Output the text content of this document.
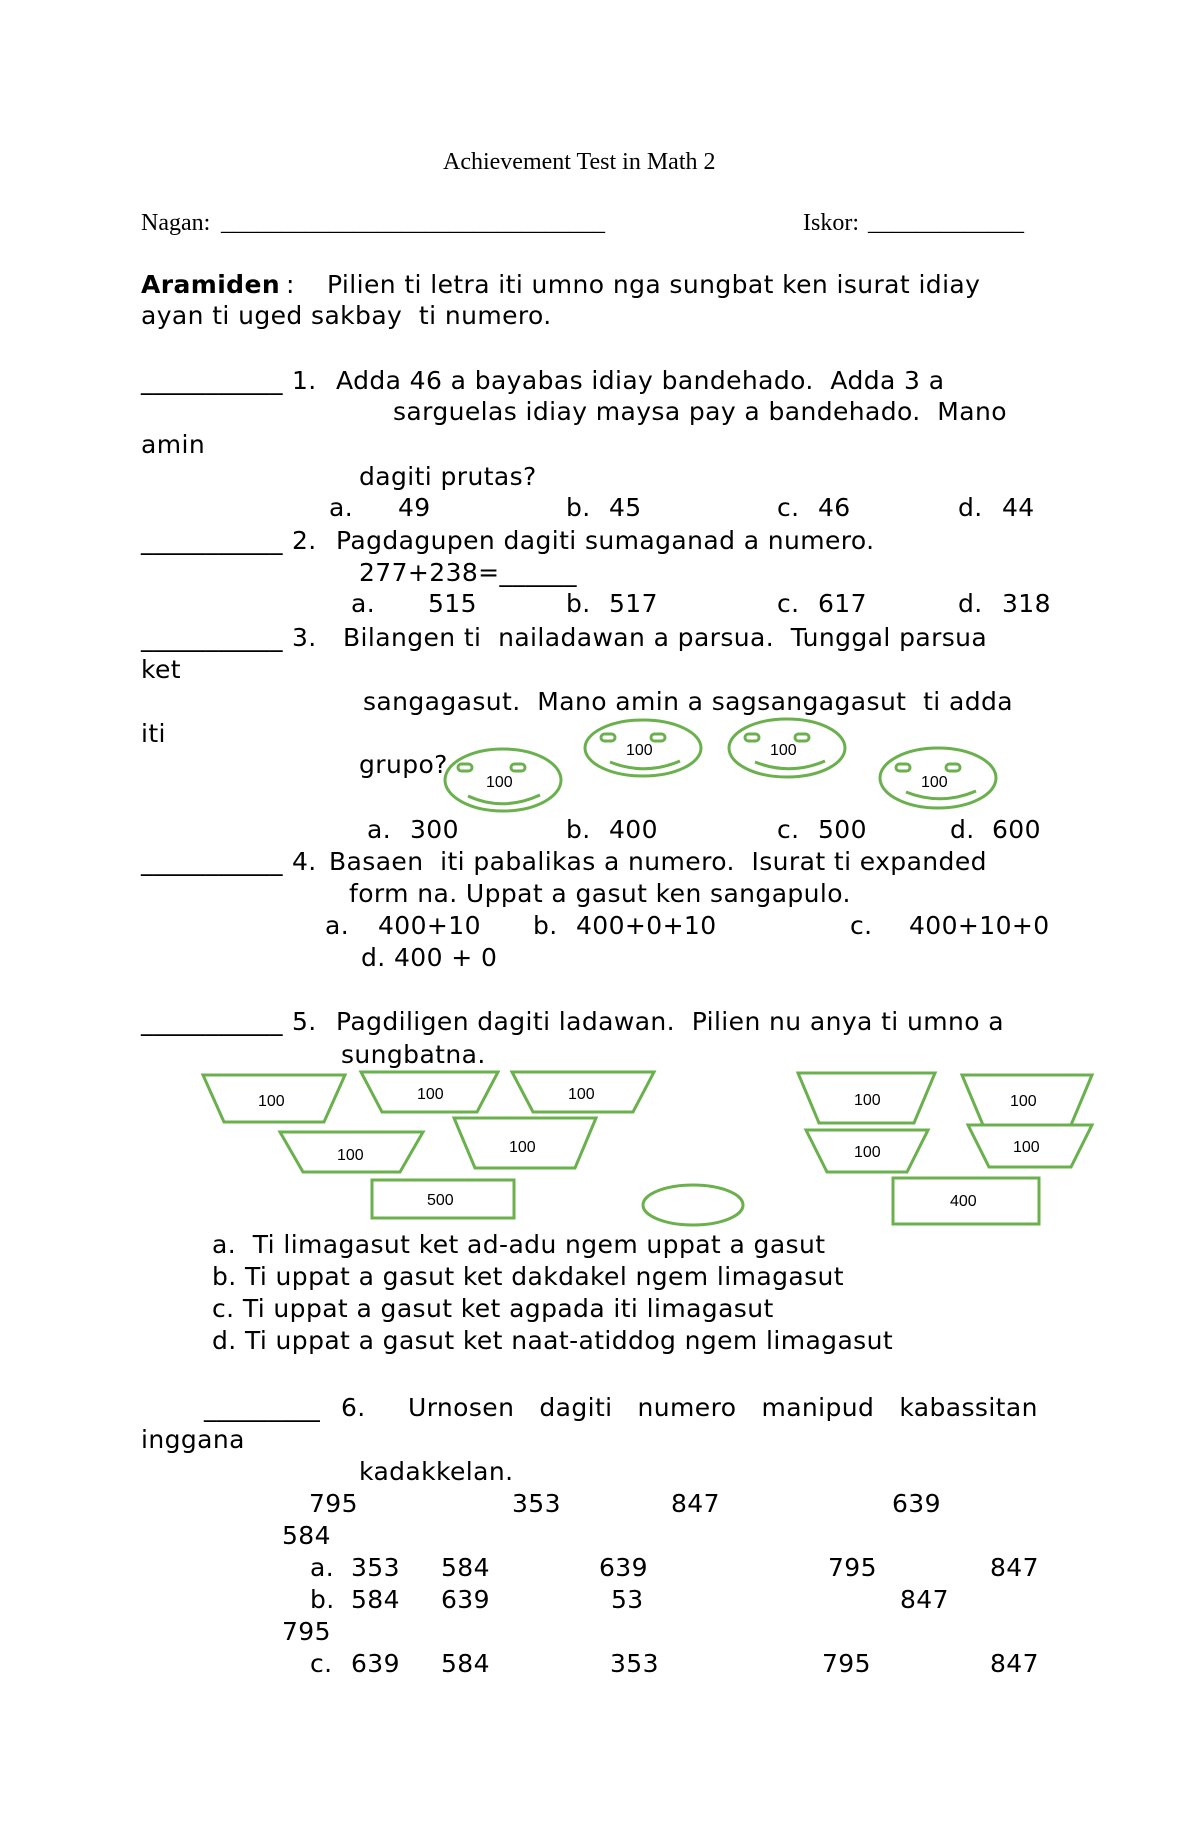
Achievement Test in Math 2
Nagan: ________________________________	Iskor: _____________
Aramiden : Pilien ti letra iti umno nga sungbat ken isurat idiay
ayan ti uged sakbay  ti numero.
___________ 1. Adda 46 a bayabas idiay bandehado.  Adda 3 a
sarguelas idiay maysa pay a bandehado.  Mano
amin
dagiti prutas?
a. 49	b. 45	c. 46	d. 44
___________ 2. Pagdagupen dagiti sumaganad a numero.
277+238=______
a. 515	b. 517	c. 617	d. 318
___________ 3. Bilangen ti  nailadawan a parsua.  Tunggal parsua
ket
sangagasut.  Mano amin a sagsangagasut  ti adda
iti
grupo?
a. 300	b. 400	c. 500	d. 600
___________ 4. Basaen  iti pabalikas a numero.  Isurat ti expanded
form na. Uppat a gasut ken sangapulo.
a. 400+10 b. 400+0+10	c. 400+10+0
d. 400 + 0
___________ 5. Pagdiligen dagiti ladawan.  Pilien nu anya ti umno a
sungbatna.
a.  Ti limagasut ket ad-adu ngem uppat a gasut
b. Ti uppat a gasut ket dakdakel ngem limagasut
c. Ti uppat a gasut ket agpada iti limagasut
d. Ti uppat a gasut ket naat-atiddog ngem limagasut
_________ 6. Urnosen   dagiti   numero   manipud   kabassitan
inggana
kadakkelan.
795	353	847	639
584
a. 353 584	639	795	847
b. 584 639	53	847
795
c. 639 584	353	795	847
100
100	100
100
100	100	100
100	100
500
100	100
100	100
400
